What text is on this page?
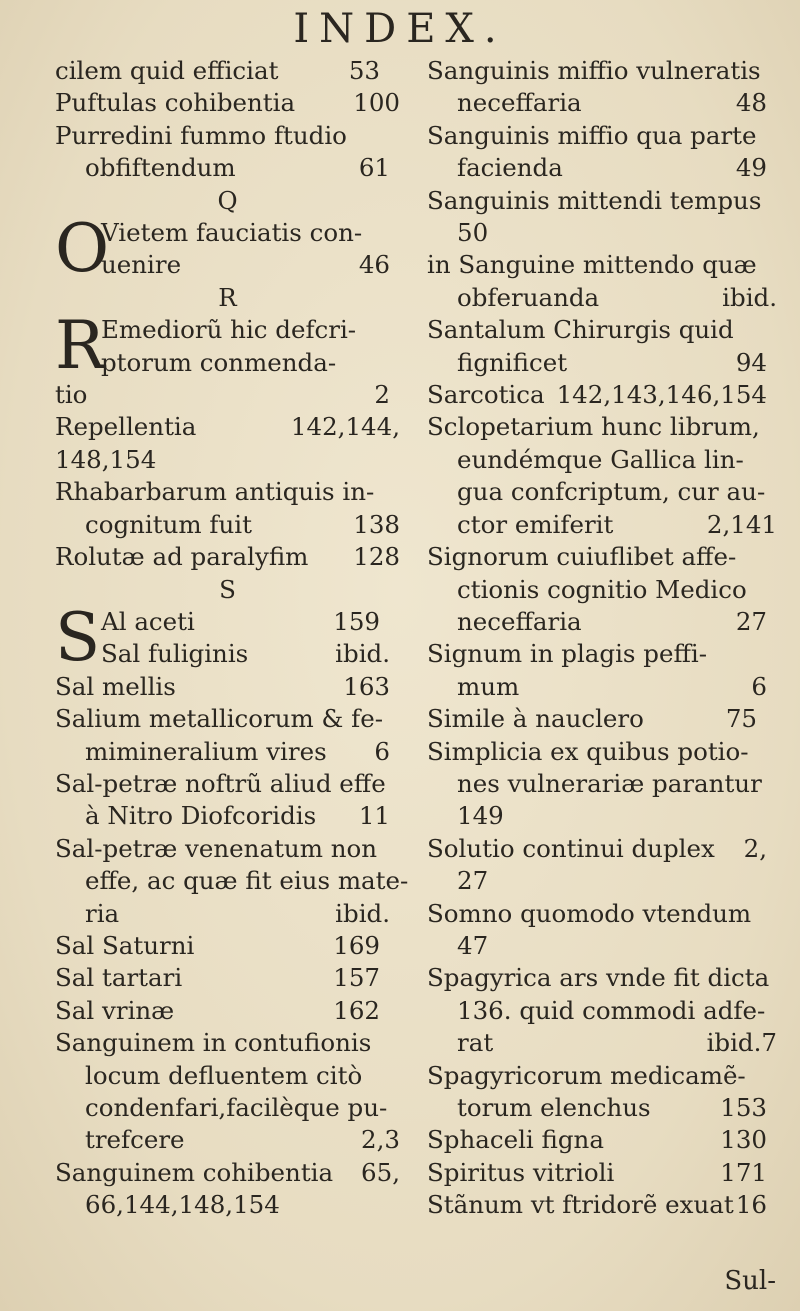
INDEX.
cilem quid efficiat	53
Puftulas cohibentia 100
Purredini fummo ftudio
obfiftendum	61
Q
O
Vietem fauciatis con-
uenire	46
R
R
Emediorũ hic defcri-
ptorum conmenda-
tio	2
Repellentia	142,144,
148,154
Rhabarbarum antiquis in-
cognitum fuit	138
Rolutæ ad paralyfim 128
S
S Al aceti	159
Sal fuliginis	ibid.
Sal mellis	163
Salium metallicorum & fe-
mimineralium vires 6
Sal-petræ noftrũ aliud effe
à Nitro Diofcoridis 11
Sal-petræ venenatum non
effe, ac quæ fit eius mate-
ria	ibid.
Sal Saturni	169
Sal tartari	157
Sal vrinæ	162
Sanguinem in contufionis
locum defluentem citò
condenfari,facilèque pu-
trefcere	2,3
Sanguinem cohibentia 65,
66,144,148,154
Sanguinis miffio vulneratis
neceffaria	48
Sanguinis miffio qua parte
facienda	49
Sanguinis mittendi tempus
50
in Sanguine mittendo quæ
obferuanda	ibid.
Santalum Chirurgis quid
fignificet	94
Sarcotica 142,143,146,154
Sclopetarium hunc librum,
eundémque Gallica lin-
gua confcriptum, cur au-
ctor emiferit	2,141
Signorum cuiuflibet affe-
ctionis cognitio Medico
neceffaria	27
Signum in plagis peffi-
mum	6
Simile à nauclero	75
Simplicia ex quibus potio-
nes vulnerariæ parantur
149
Solutio continui duplex 2,
27
Somno quomodo vtendum
47
Spagyrica ars vnde fit dicta
136. quid commodi adfe-
rat	ibid.7
Spagyricorum medicamẽ-
torum elenchus	153
Sphaceli figna	130
Spiritus vitrioli	171
Stãnum vt ftridorẽ exuat 16
Sul-
